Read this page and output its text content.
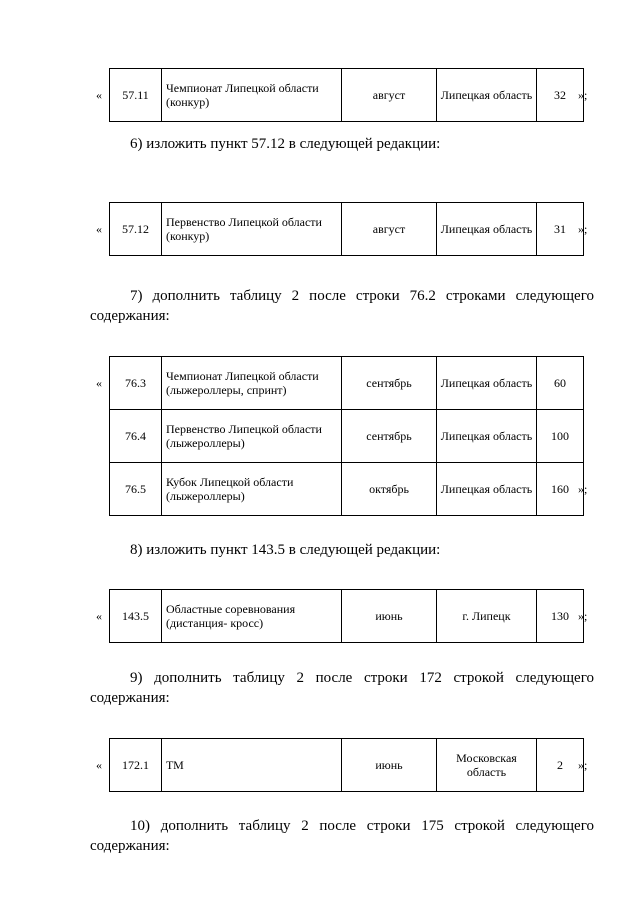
« 57.11	Чемпионат Липецкой области (конкур)	август	Липецкая область	32 »;

6) изложить пункт 57.12 в следующей редакции:

« 57.12	Первенство Липецкой области (конкур)	август	Липецкая область	31 »;

7) дополнить таблицу 2 после строки 76.2 строками следующего содержания:

« 76.3	Чемпионат Липецкой области (лыжероллеры, спринт)	сентябрь	Липецкая область	60
76.4	Первенство Липецкой области (лыжероллеры)	сентябрь	Липецкая область	100
76.5	Кубок Липецкой области (лыжероллеры)	октябрь	Липецкая область	160 »;

8) изложить пункт 143.5 в следующей редакции:

« 143.5	Областные соревнования (дистанция- кросс)	июнь	г. Липецк	130 »;

9) дополнить таблицу 2 после строки 172 строкой следующего содержания:

« 172.1	ТМ	июнь	Московская область	2 »;

10) дополнить таблицу 2 после строки 175 строкой следующего содержания:
